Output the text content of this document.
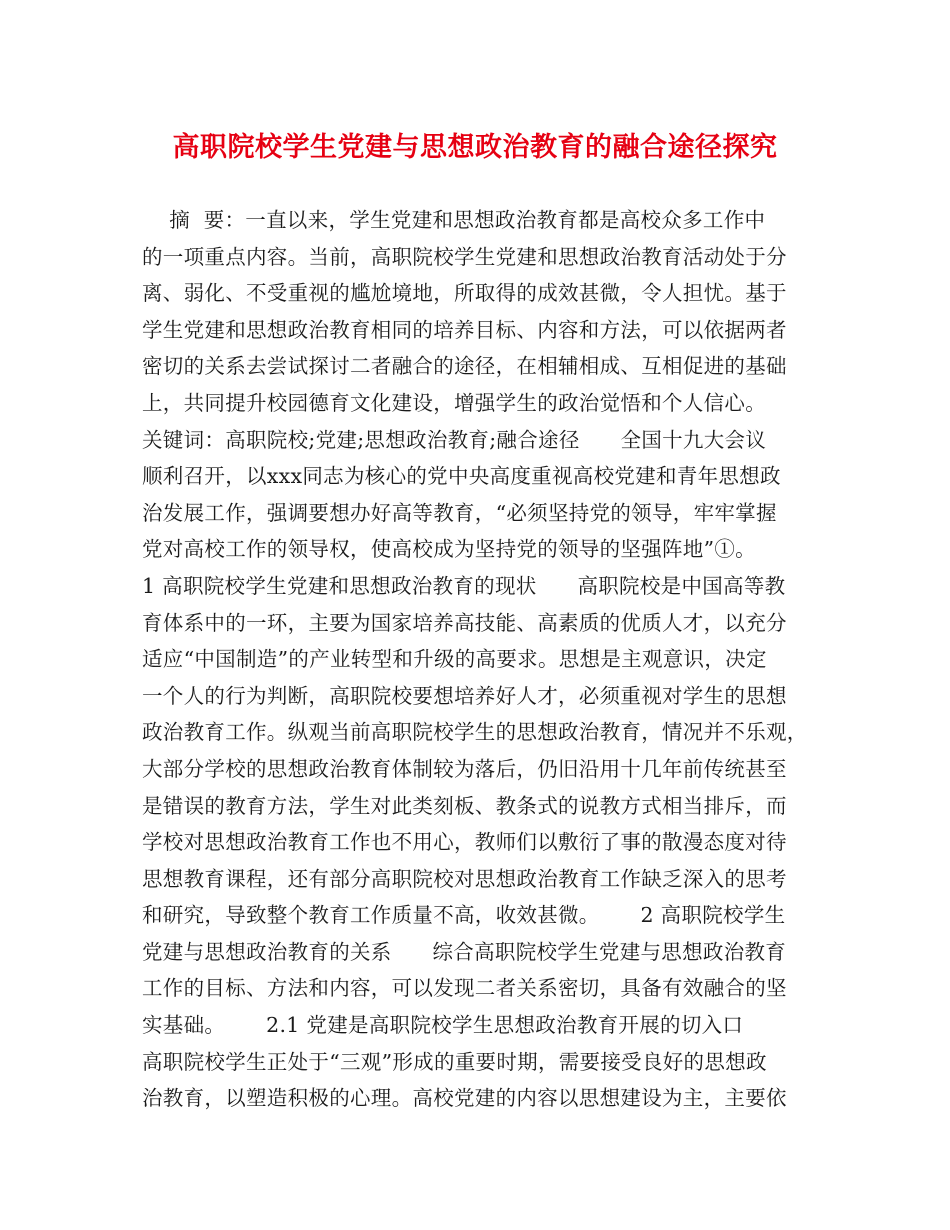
高职院校学生党建与思想政治教育的融合途径探究
摘  要：一直以来，学生党建和思想政治教育都是高校众多工作中
的一项重点内容。当前，高职院校学生党建和思想政治教育活动处于分
离、弱化、不受重视的尴尬境地，所取得的成效甚微，令人担忧。基于
学生党建和思想政治教育相同的培养目标、内容和方法，可以依据两者
密切的关系去尝试探讨二者融合的途径，在相辅相成、互相促进的基础
上，共同提升校园德育文化建设，增强学生的政治觉悟和个人信心。
关键词：高职院校;党建;思想政治教育;融合途径      全国十九大会议
顺利召开，以xxx同志为核心的党中央高度重视高校党建和青年思想政
治发展工作，强调要想办好高等教育，“必须坚持党的领导，牢牢掌握
党对高校工作的领导权，使高校成为坚持党的领导的坚强阵地”①。
1 高职院校学生党建和思想政治教育的现状      高职院校是中国高等教
育体系中的一环，主要为国家培养高技能、高素质的优质人才，以充分
适应“中国制造”的产业转型和升级的高要求。思想是主观意识，决定
一个人的行为判断，高职院校要想培养好人才，必须重视对学生的思想
政治教育工作。纵观当前高职院校学生的思想政治教育，情况并不乐观，
大部分学校的思想政治教育体制较为落后，仍旧沿用十几年前传统甚至
是错误的教育方法，学生对此类刻板、教条式的说教方式相当排斥，而
学校对思想政治教育工作也不用心，教师们以敷衍了事的散漫态度对待
思想教育课程，还有部分高职院校对思想政治教育工作缺乏深入的思考
和研究，导致整个教育工作质量不高，收效甚微。      2 高职院校学生
党建与思想政治教育的关系      综合高职院校学生党建与思想政治教育
工作的目标、方法和内容，可以发现二者关系密切，具备有效融合的坚
实基础。      2.1 党建是高职院校学生思想政治教育开展的切入口
高职院校学生正处于“三观”形成的重要时期，需要接受良好的思想政
治教育，以塑造积极的心理。高校党建的内容以思想建设为主，主要依
